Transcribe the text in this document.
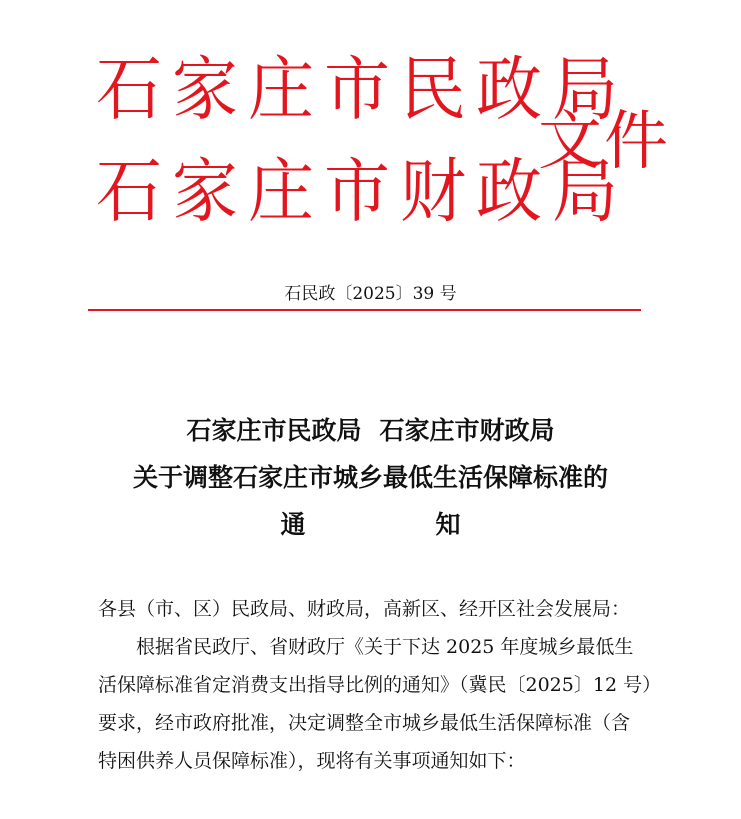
石家庄市民政局
石家庄市财政局
文件
石民政〔2025〕39 号
石家庄市民政局 石家庄市财政局
关于调整石家庄市城乡最低生活保障标准的
通知
各县（市、区）民政局、财政局，高新区、经开区社会发展局：
根据省民政厅、省财政厅《关于下达 2025 年度城乡最低生
活保障标准省定消费支出指导比例的通知》（冀民〔2025〕12 号）
要求，经市政府批准，决定调整全市城乡最低生活保障标准（含
特困供养人员保障标准），现将有关事项通知如下：
